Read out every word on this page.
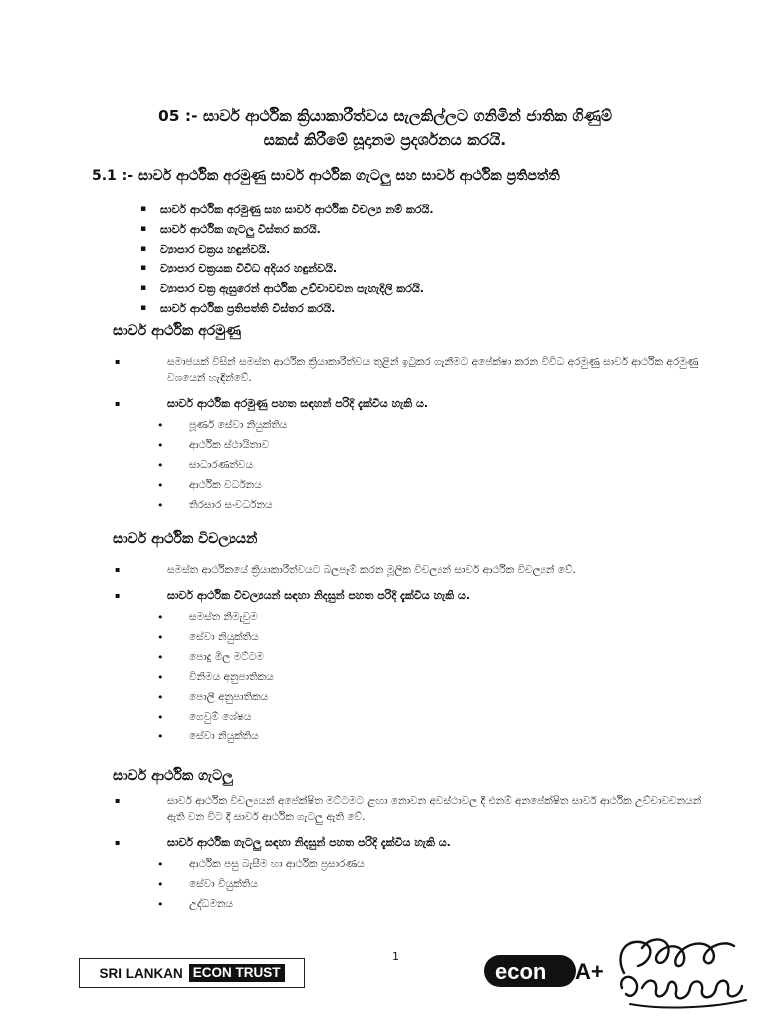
05 :- සාර්ව ආර්ථික ක්‍රියාකාරීත්වය සැලකිල්ලට ගනිමින් ජාතික ගිණුම්
සකස් කිරීමේ සූදානම ප්‍රදර්ශනය කරයි.
5.1 :- සාර්ව ආර්ථික අරමුණු සාර්ව ආර්ථික ගැටලු සහ සාර්ව ආර්ථික ප්‍රතිපත්ති
▪ සාර්ව ආර්ථික අරමුණු සහ සාර්ව ආර්ථික විචල්‍ය නම් කරයි.
▪ සාර්ව ආර්ථික ගැටලු විස්තර කරයි.
▪ ව්‍යාපාර චක්‍රය හඳුන්වයි.
▪ ව්‍යාපාර චක්‍රයක විවිධ අදියර හඳුන්වයි.
▪ ව්‍යාපාර චක්‍ර ඇසුරෙන් ආර්ථික උච්චාවචන පැහැදිලි කරයි.
▪ සාර්ව ආර්ථික ප්‍රතිපත්ති විස්තර කරයි.
සාර්ව ආර්ථික අරමුණු
▪ සමාජයක් විසින් සමස්ත ආර්ථික ක්‍රියාකාරීත්වය තුළින් ඉටුකර ගැනීමට අපේක්ෂා කරන විවිධ අරමුණු සාර්ව ආර්ථික අරමුණු වශයෙන් හැඳින්වේ.
▪ සාර්ව ආර්ථික අරමුණු පහත සඳහන් පරිදි දැක්විය හැකි ය.
• පූර්ණ සේවා නියුක්තිය
• ආර්ථික ස්ථායිතාව
• සාධාරණත්වය
• ආර්ථික වර්ධනය
• තිරසාර සංවර්ධනය
සාර්ව ආර්ථික විචල්‍යයන්
▪ සමස්ත ආර්ථිකයේ ක්‍රියාකාරීත්වයට බලපෑම් කරන මූලික විචල්‍යන් සාර්ව ආර්ථික විචල්‍යන් වේ.
▪ සාර්ව ආර්ථික විචල්‍යයන් සඳහා නිදසුන් පහත පරිදි දැක්විය හැකි ය.
• සමස්ත නිමැවුම
• සේවා නියුක්තිය
• පොදු මිල මට්ටම
• විනිමය අනුපාතිකය
• පොලී අනුපාතිකය
• ගෙවුම් ශේෂය
• සේවා නියුක්තිය
සාර්ව ආර්ථික ගැටලු
▪ සාර්ව ආර්ථික විචල්‍යයන් අපේක්ෂිත මට්ටමට ළඟා නොවන අවස්ථාවල දී එනම් අනපේක්ෂිත සාර්ව ආර්ථික උච්චාවචනයන් ඇති වන විට දී සාර්ව ආර්ථික ගැටලු ඇති වේ.
▪ සාර්ව ආර්ථික ගැටලු සඳහා නිදසුන් පහත පරිදි දැක්විය හැකි ය.
• ආර්ථික පසු බැසීම හා ආර්ථික ප්‍රසාරණය
• සේවා වියුක්තිය
• උද්ධමනය
1
SRI LANKAN ECON TRUST	econ A+
